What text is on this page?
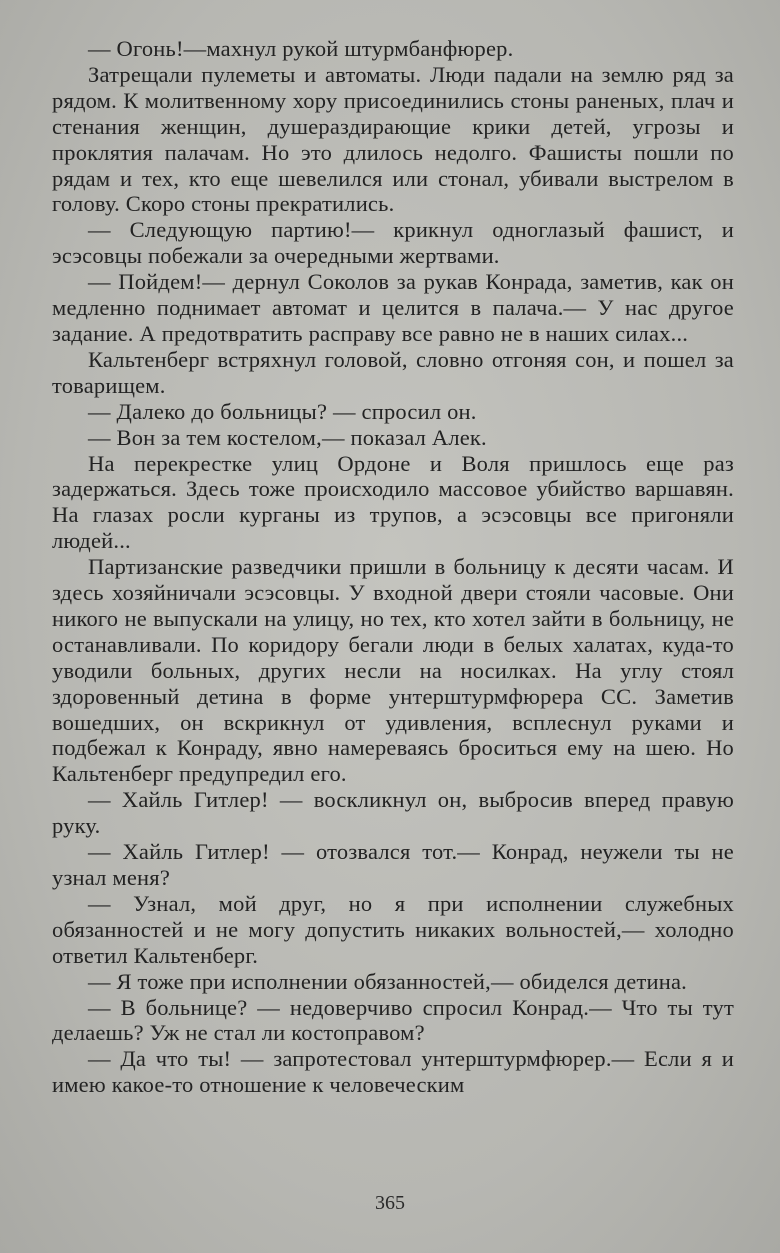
— Огонь!—махнул рукой штурмбанфюрер.

Затрещали пулеметы и автоматы. Люди падали на землю ряд за рядом. К молитвенному хору присоединились стоны раненых, плач и стенания женщин, душераздирающие крики детей, угрозы и проклятия палачам. Но это длилось недолго. Фашисты пошли по рядам и тех, кто еще шевелился или стонал, убивали выстрелом в голову. Скоро стоны прекратились.

— Следующую партию!— крикнул одноглазый фашист, и эсэсовцы побежали за очередными жертвами.

— Пойдем!— дернул Соколов за рукав Конрада, заметив, как он медленно поднимает автомат и целится в палача.— У нас другое задание. А предотвратить расправу все равно не в наших силах...

Кальтенберг встряхнул головой, словно отгоняя сон, и пошел за товарищем.

— Далеко до больницы? — спросил он.

— Вон за тем костелом,— показал Алек.

На перекрестке улиц Ордоне и Воля пришлось еще раз задержаться. Здесь тоже происходило массовое убийство варшавян. На глазах росли курганы из трупов, а эсэсовцы все пригоняли людей...

Партизанские разведчики пришли в больницу к десяти часам. И здесь хозяйничали эсэсовцы. У входной двери стояли часовые. Они никого не выпускали на улицу, но тех, кто хотел зайти в больницу, не останавливали. По коридору бегали люди в белых халатах, куда-то уводили больных, других несли на носилках. На углу стоял здоровенный детина в форме унтерштурмфюрера СС. Заметив вошедших, он вскрикнул от удивления, всплеснул руками и подбежал к Конраду, явно намереваясь броситься ему на шею. Но Кальтенберг предупредил его.

— Хайль Гитлер! — воскликнул он, выбросив вперед правую руку.

— Хайль Гитлер! — отозвался тот.— Конрад, неужели ты не узнал меня?

— Узнал, мой друг, но я при исполнении служебных обязанностей и не могу допустить никаких вольностей,— холодно ответил Кальтенберг.

— Я тоже при исполнении обязанностей,— обиделся детина.

— В больнице? — недоверчиво спросил Конрад.— Что ты тут делаешь? Уж не стал ли костоправом?

— Да что ты! — запротестовал унтерштурмфюрер.— Если я и имею какое-то отношение к человеческим

365
